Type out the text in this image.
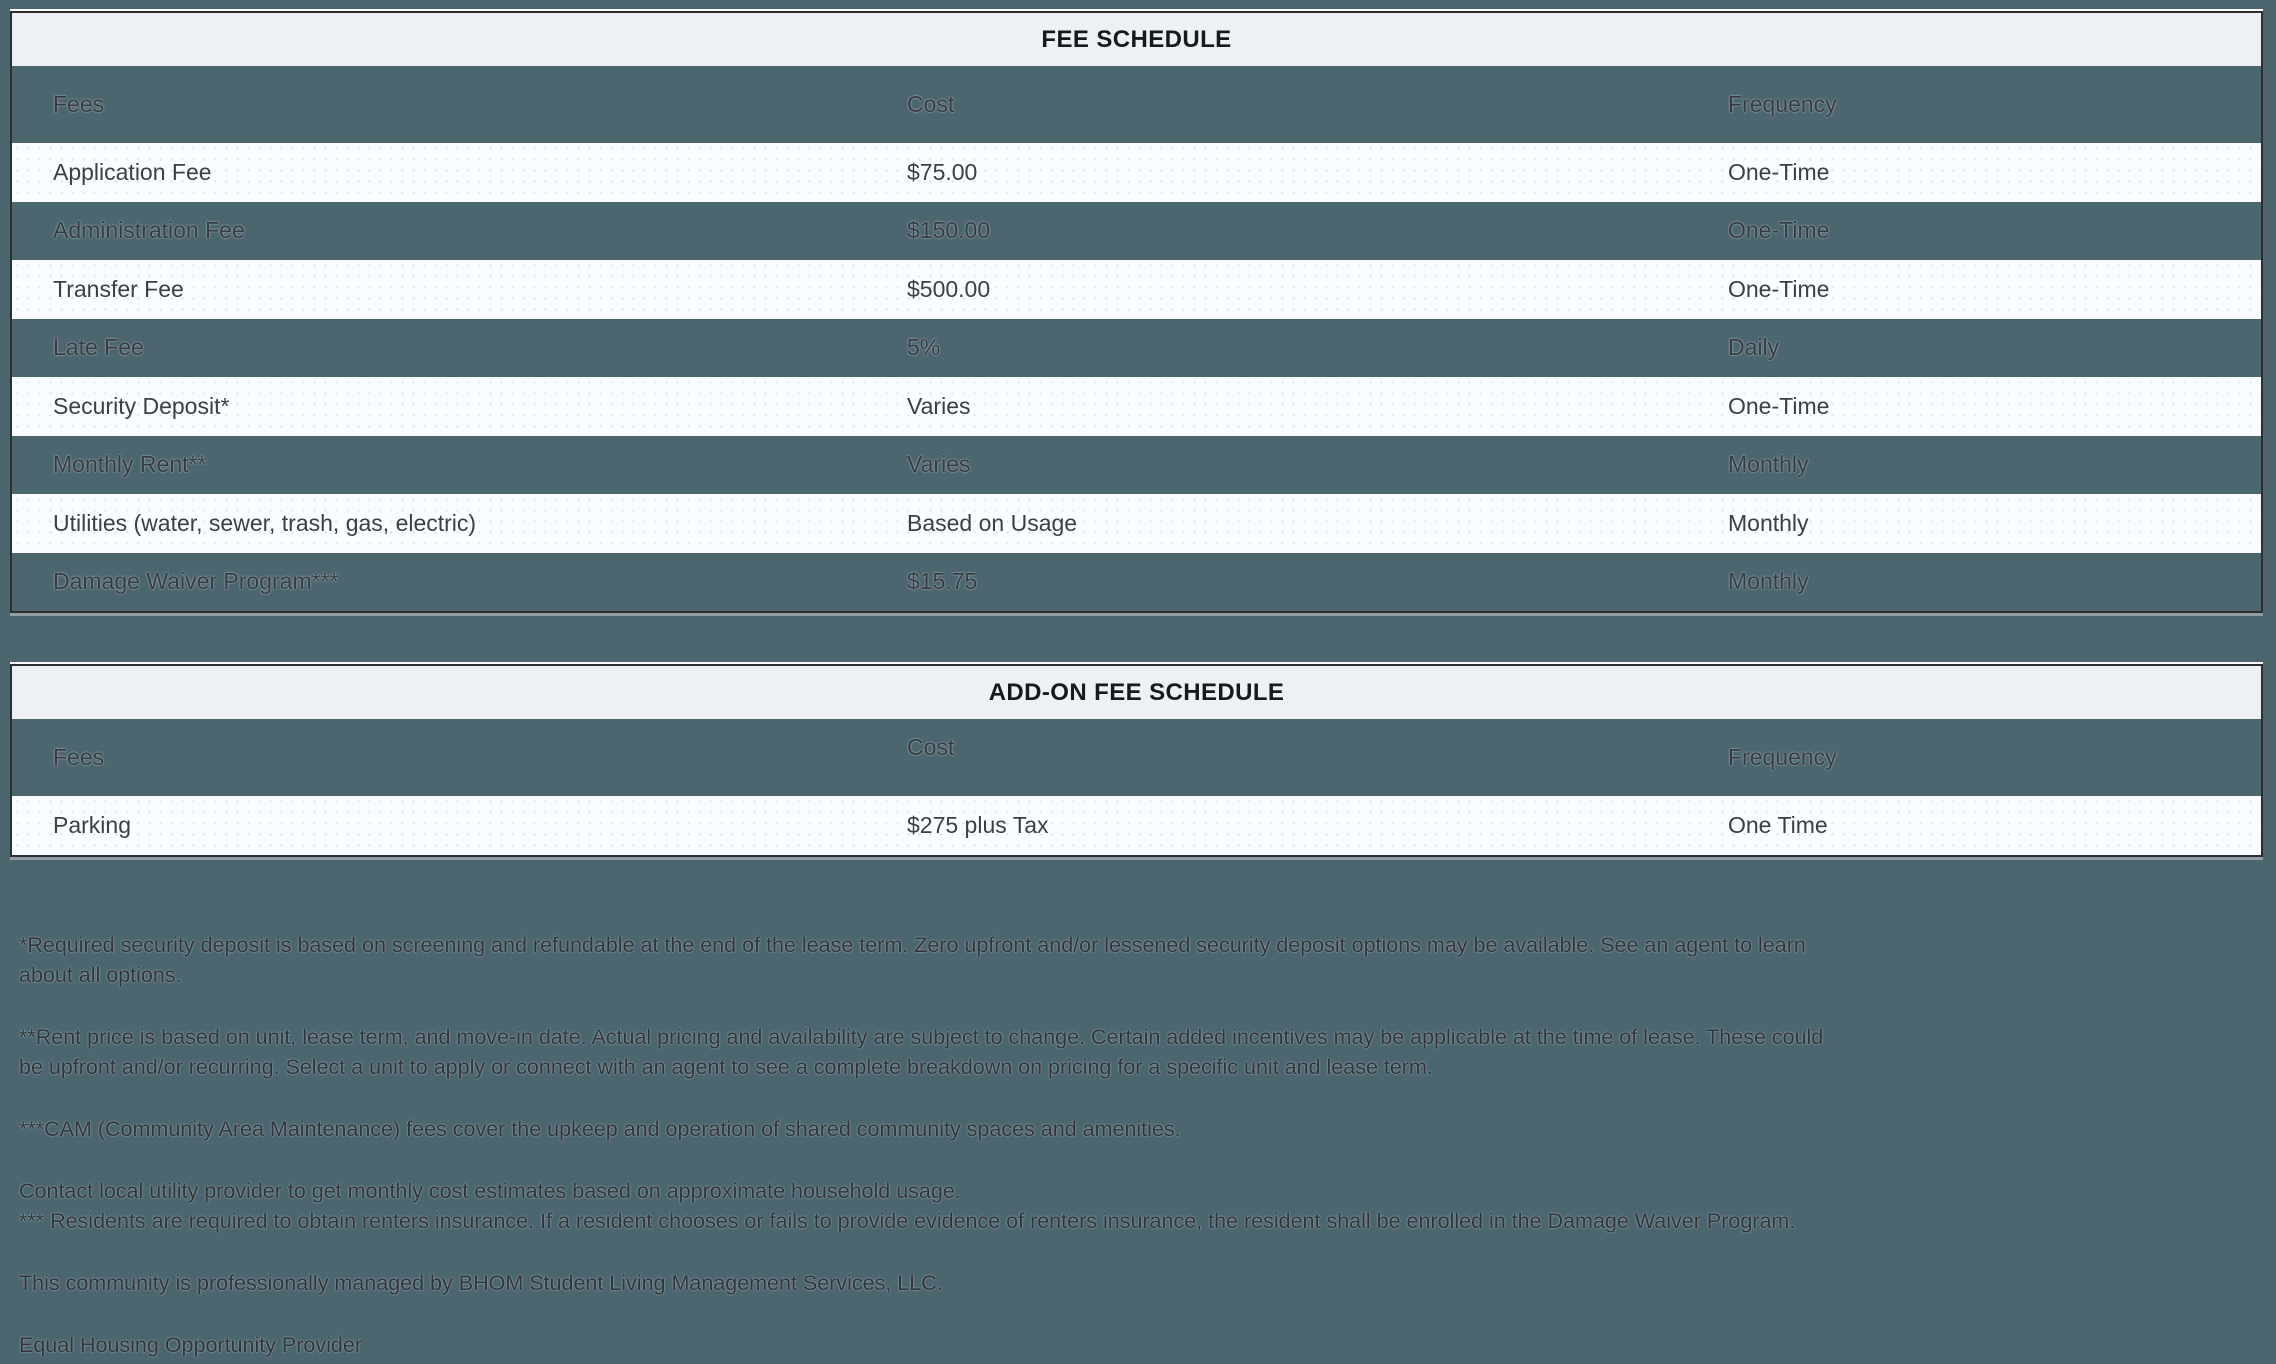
FEE SCHEDULE
Fees	Cost	Frequency
Application Fee	$75.00	One-Time
Administration Fee	$150.00	One-Time
Transfer Fee	$500.00	One-Time
Late Fee	5%	Daily
Security Deposit*	Varies	One-Time
Monthly Rent**	Varies	Monthly
Utilities (water, sewer, trash, gas, electric)	Based on Usage	Monthly
Damage Waiver Program***	$15.75	Monthly
ADD-ON FEE SCHEDULE
Fees	Cost	Frequency
Parking	$275 plus Tax	One Time

*Required security deposit is based on screening and refundable at the end of the lease term. Zero upfront and/or lessened security deposit options may be available. See an agent to learn
about all options.

**Rent price is based on unit, lease term, and move-in date. Actual pricing and availability are subject to change. Certain added incentives may be applicable at the time of lease. These could
be upfront and/or recurring. Select a unit to apply or connect with an agent to see a complete breakdown on pricing for a specific unit and lease term.

***CAM (Community Area Maintenance) fees cover the upkeep and operation of shared community spaces and amenities.

Contact local utility provider to get monthly cost estimates based on approximate household usage.
*** Residents are required to obtain renters insurance. If a resident chooses or fails to provide evidence of renters insurance, the resident shall be enrolled in the Damage Waiver Program.

This community is professionally managed by BHOM Student Living Management Services, LLC.

Equal Housing Opportunity Provider
